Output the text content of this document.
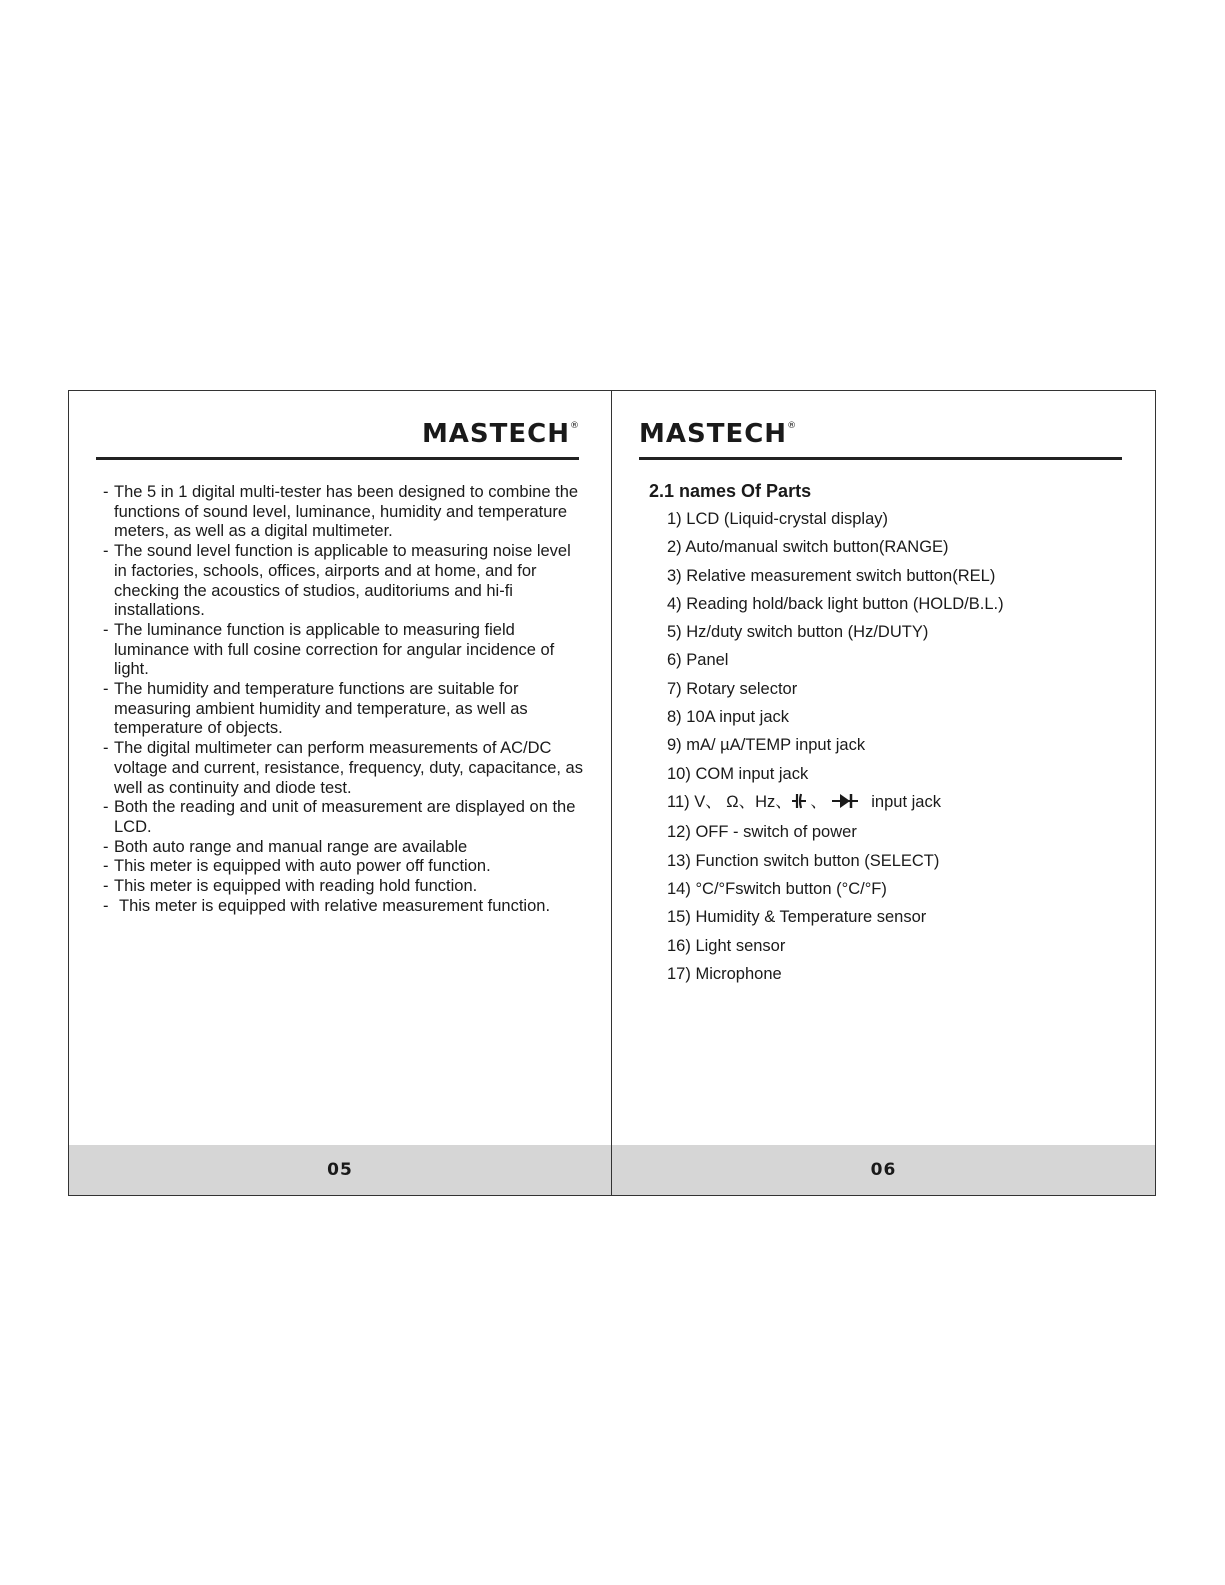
MASTECH®
- The 5 in 1 digital multi-tester has been designed to combine the functions of sound level, luminance, humidity and temperature meters, as well as a digital multimeter.
- The sound level function is applicable to measuring noise level in factories, schools, offices, airports and at home, and for checking the acoustics of studios, auditoriums and hi-fi installations.
- The luminance function is applicable to measuring field luminance with full cosine correction for angular incidence of light.
- The humidity and temperature functions are suitable for measuring ambient humidity and temperature, as well as temperature of objects.
- The digital multimeter can perform measurements of AC/DC voltage and current, resistance, frequency, duty, capacitance, as well as continuity and diode test.
- Both the reading and unit of measurement are displayed on the LCD.
- Both auto range and manual range are available
- This meter is equipped with auto power off function.
- This meter is equipped with reading hold function.
- This meter is equipped with relative measurement function.
05
MASTECH®
2.1 names Of Parts
1) LCD (Liquid-crystal display)
2) Auto/manual switch button(RANGE)
3) Relative measurement switch button(REL)
4) Reading hold/back light button (HOLD/B.L.)
5) Hz/duty switch button (Hz/DUTY)
6) Panel
7) Rotary selector
8) 10A input jack
9) mA/ µA/TEMP input jack
10) COM input jack
11) V、 Ω、Hz、 、	input jack
12) OFF - switch of power
13) Function switch button (SELECT)
14) °C/°Fswitch button (°C/°F)
15) Humidity & Temperature sensor
16) Light sensor
17) Microphone
06
